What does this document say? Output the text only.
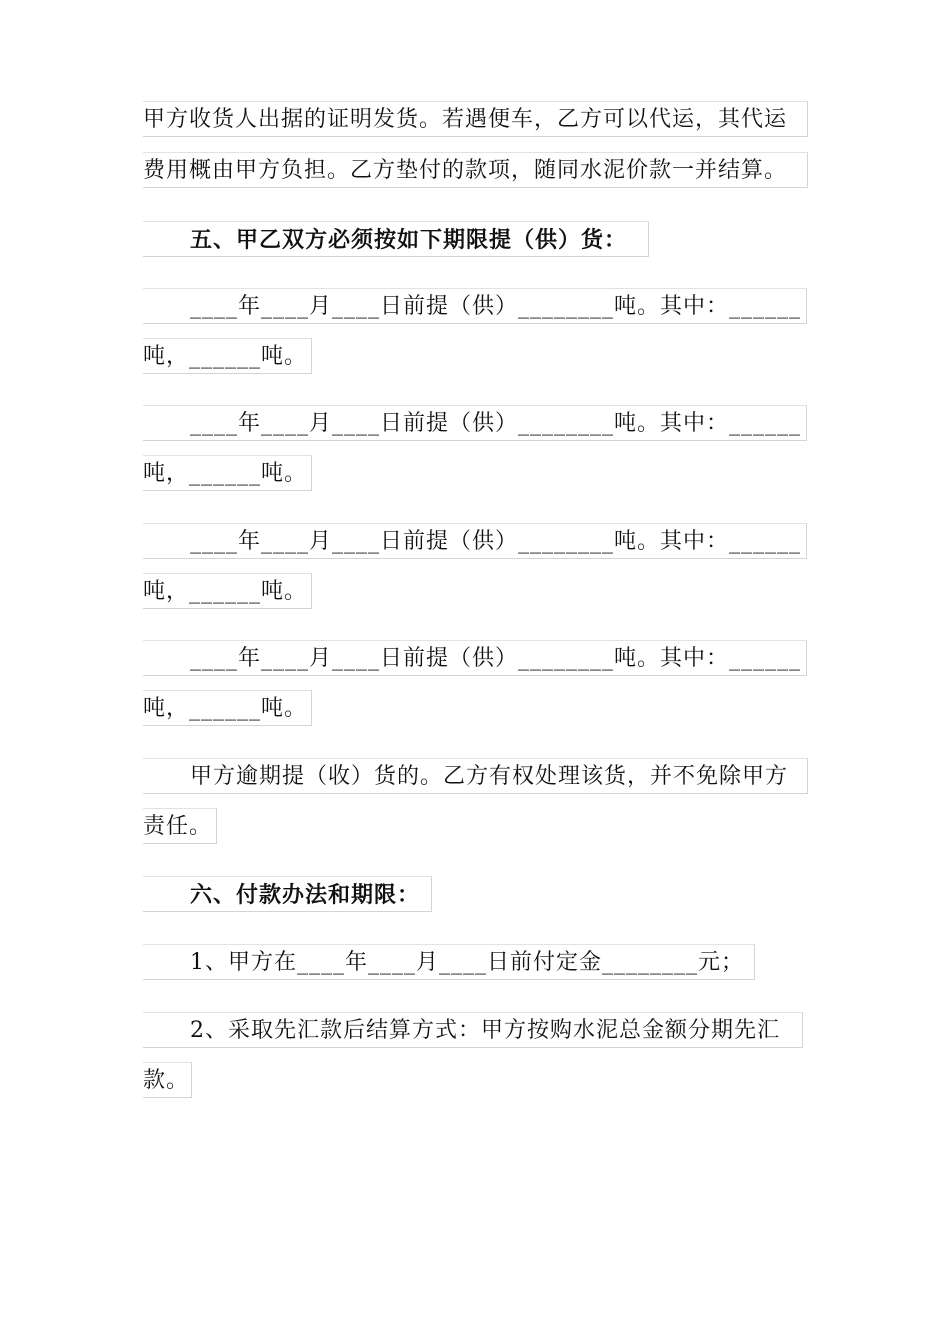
甲方收货人出据的证明发货。若遇便车，乙方可以代运，其代运
费用概由甲方负担。乙方垫付的款项，随同水泥价款一并结算。
五、甲乙双方必须按如下期限提（供）货：
____年____月____日前提（供）________吨。其中：______
吨，______吨。
____年____月____日前提（供）________吨。其中：______
吨，______吨。
____年____月____日前提（供）________吨。其中：______
吨，______吨。
____年____月____日前提（供）________吨。其中：______
吨，______吨。
甲方逾期提（收）货的。乙方有权处理该货，并不免除甲方
责任。
六、付款办法和期限：
1、甲方在____年____月____日前付定金________元；
2、采取先汇款后结算方式：甲方按购水泥总金额分期先汇
款。
